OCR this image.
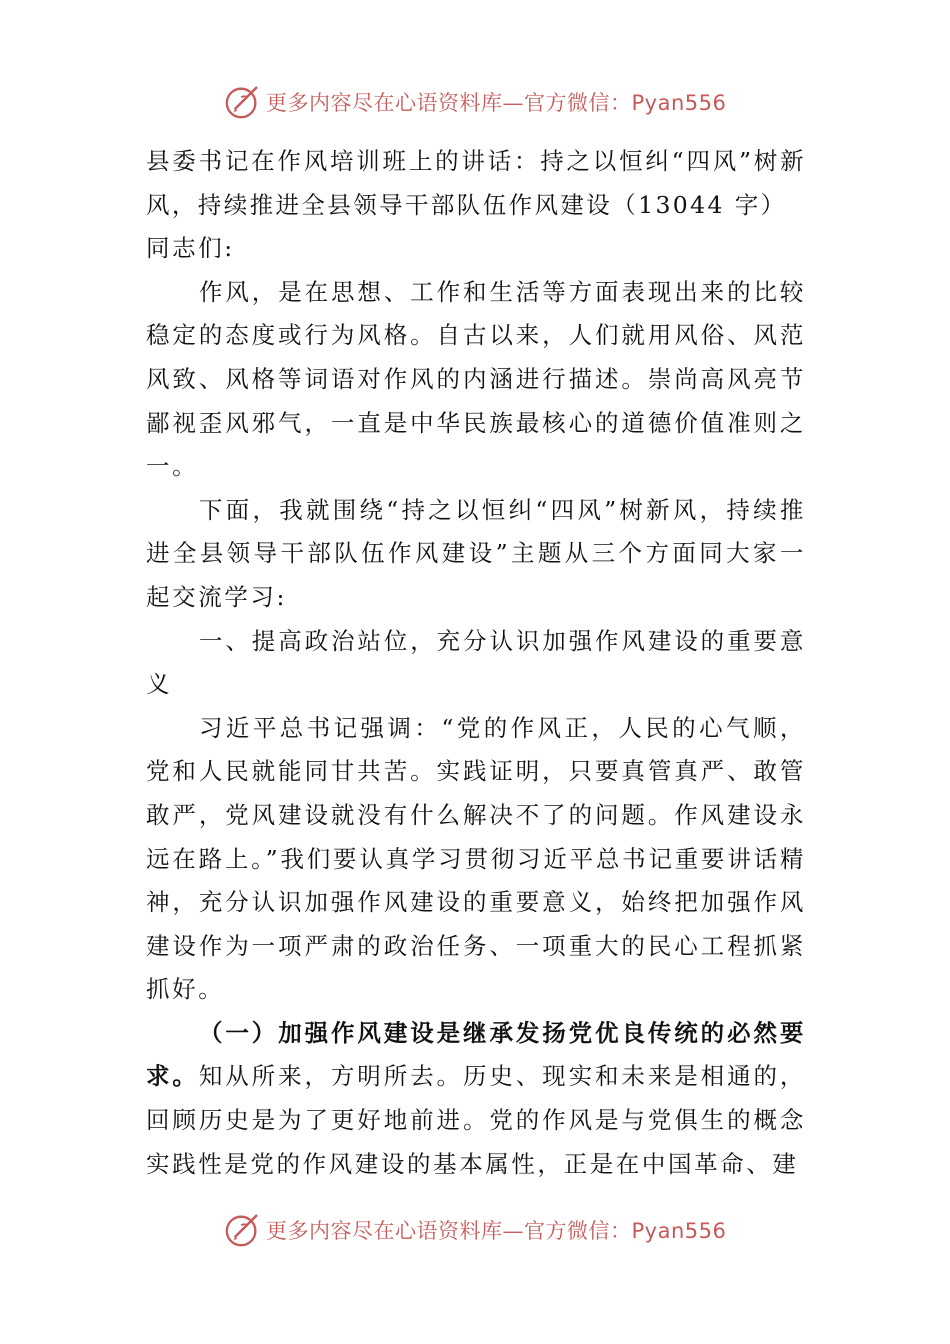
更多内容尽在心语资料库—官方微信：Pyan556

县委书记在作风培训班上的讲话：持之以恒纠“四风”树新风，持续推进全县领导干部队伍作风建设（13044 字）

同志们:

作风，是在思想、工作和生活等方面表现出来的比较稳定的态度或行为风格。自古以来，人们就用风俗、风范风致、风格等词语对作风的内涵进行描述。崇尚高风亮节鄙视歪风邪气，一直是中华民族最核心的道德价值准则之一。

下面，我就围绕“持之以恒纠“四风”树新风，持续推进全县领导干部队伍作风建设”主题从三个方面同大家一起交流学习:

一、提高政治站位，充分认识加强作风建设的重要意义

习近平总书记强调：“党的作风正，人民的心气顺，党和人民就能同甘共苦。实践证明，只要真管真严、敢管敢严，党风建设就没有什么解决不了的问题。作风建设永远在路上。”我们要认真学习贯彻习近平总书记重要讲话精神，充分认识加强作风建设的重要意义，始终把加强作风建设作为一项严肃的政治任务、一项重大的民心工程抓紧抓好。

（一）加强作风建设是继承发扬党优良传统的必然要求。知从所来，方明所去。历史、现实和未来是相通的，回顾历史是为了更好地前进。党的作风是与党俱生的概念实践性是党的作风建设的基本属性，正是在中国革命、建

更多内容尽在心语资料库—官方微信：Pyan556
